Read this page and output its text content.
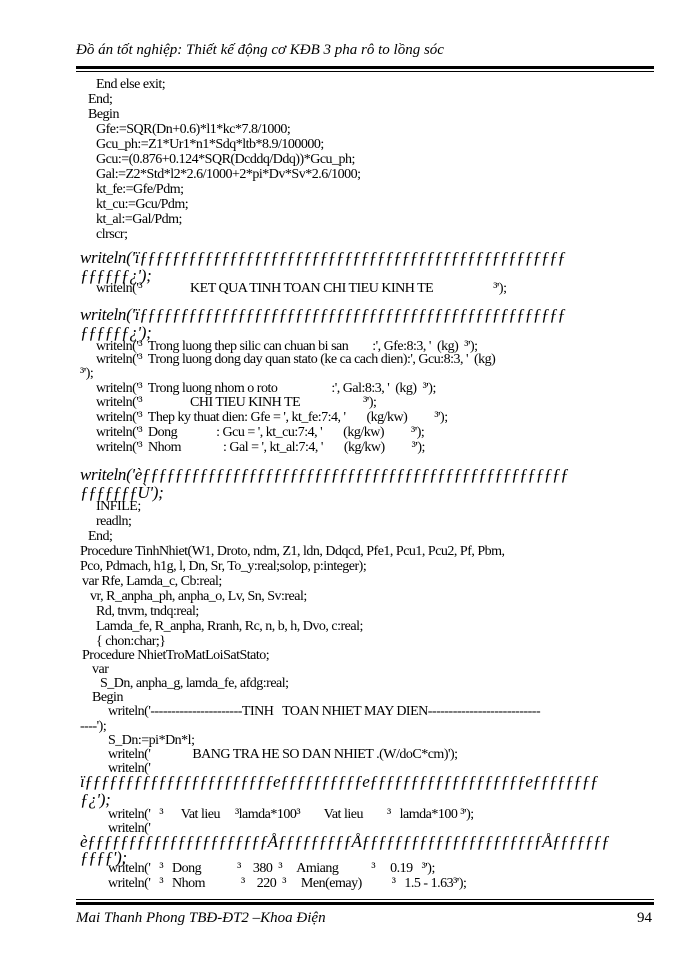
Đồ án tốt nghiệp: Thiết kế động cơ KĐB 3 pha rô to lồng sóc
End else exit;
End;
Begin
Gfe:=SQR(Dn+0.6)*l1*kc*7.8/1000;
Gcu_ph:=Z1*Ur1*n1*Sdq*ltb*8.9/100000;
Gcu:=(0.876+0.124*SQR(Dcddq/Ddq))*Gcu_ph;
Gal:=Z2*Std*l2*2.6/1000+2*pi*Dv*Sv*2.6/1000;
kt_fe:=Gfe/Pdm;
kt_cu:=Gcu/Pdm;
kt_al:=Gal/Pdm;
clrscr;
writeln('ïƒƒƒƒƒƒƒƒƒƒƒƒƒƒƒƒƒƒƒƒƒƒƒƒƒƒƒƒƒƒƒƒƒƒƒƒƒƒƒƒƒƒƒƒƒƒƒƒƒƒƒƒ
ƒƒƒƒƒƒ¿');
writeln('³                KET QUA TINH TOAN CHI TIEU KINH TE                    ³');
writeln('ïƒƒƒƒƒƒƒƒƒƒƒƒƒƒƒƒƒƒƒƒƒƒƒƒƒƒƒƒƒƒƒƒƒƒƒƒƒƒƒƒƒƒƒƒƒƒƒƒƒƒƒƒ
ƒƒƒƒƒƒ¿');
writeln('³  Trong luong thep silic can chuan bi san        :', Gfe:8:3, '  (kg)  ³');
writeln('³  Trong luong dong day quan stato (ke ca cach dien):', Gcu:8:3, '  (kg)
³');
writeln('³  Trong luong nhom o roto                  :', Gal:8:3, '  (kg)  ³');
writeln('³                CHI TIEU KINH TE                     ³');
writeln('³  Thep ky thuat dien: Gfe = ', kt_fe:7:4, '       (kg/kw)         ³');
writeln('³  Dong             : Gcu = ', kt_cu:7:4, '       (kg/kw)         ³');
writeln('³  Nhom              : Gal = ', kt_al:7:4, '       (kg/kw)         ³');
writeln('èƒƒƒƒƒƒƒƒƒƒƒƒƒƒƒƒƒƒƒƒƒƒƒƒƒƒƒƒƒƒƒƒƒƒƒƒƒƒƒƒƒƒƒƒƒƒƒƒƒƒƒƒ
ƒƒƒƒƒƒƒÙ');
INFILE;
readln;
End;
Procedure TinhNhiet(W1, Droto, ndm, Z1, ldn, Ddqcd, Pfe1, Pcu1, Pcu2, Pf, Pbm,
Pco, Pdmach, h1g, l, Dn, Sr, To_y:real;solop, p:integer);
var Rfe, Lamda_c, Cb:real;
vr, R_anpha_ph, anpha_o, Lv, Sn, Sv:real;
Rd, tnvm, tndq:real;
Lamda_fe, R_anpha, Rranh, Rc, n, b, h, Dvo, c:real;
{ chon:char;}
Procedure NhietTroMatLoiSatStato;
var
S_Dn, anpha_g, lamda_fe, afdg:real;
Begin
writeln('----------------------TINH   TOAN NHIET MAY DIEN---------------------------
----');
S_Dn:=pi*Dn*l;
writeln('              BANG TRA HE SO DAN NHIET .(W/doC*cm)');
writeln('
ïƒƒƒƒƒƒƒƒƒƒƒƒƒƒƒƒƒƒƒƒƒƒƒeƒƒƒƒƒƒƒƒƒƒeƒƒƒƒƒƒƒƒƒƒƒƒƒƒƒƒƒƒƒeƒƒƒƒƒƒƒƒ
ƒ¿');
writeln('   ³      Vat lieu     ³lamda*100³        Vat lieu        ³   lamda*100 ³');
writeln('
èƒƒƒƒƒƒƒƒƒƒƒƒƒƒƒƒƒƒƒƒƒƒÅƒƒƒƒƒƒƒƒƒÅƒƒƒƒƒƒƒƒƒƒƒƒƒƒƒƒƒƒƒƒƒƒÅƒƒƒƒƒƒƒ
ƒƒƒƒ');
writeln('   ³   Dong            ³    380  ³     Amiang           ³     0.19   ³');
writeln('   ³   Nhom            ³    220  ³     Men(emay)          ³   1.5 - 1.63³');
Mai Thanh Phong TBĐ-ĐT2 –Khoa Điện	94
